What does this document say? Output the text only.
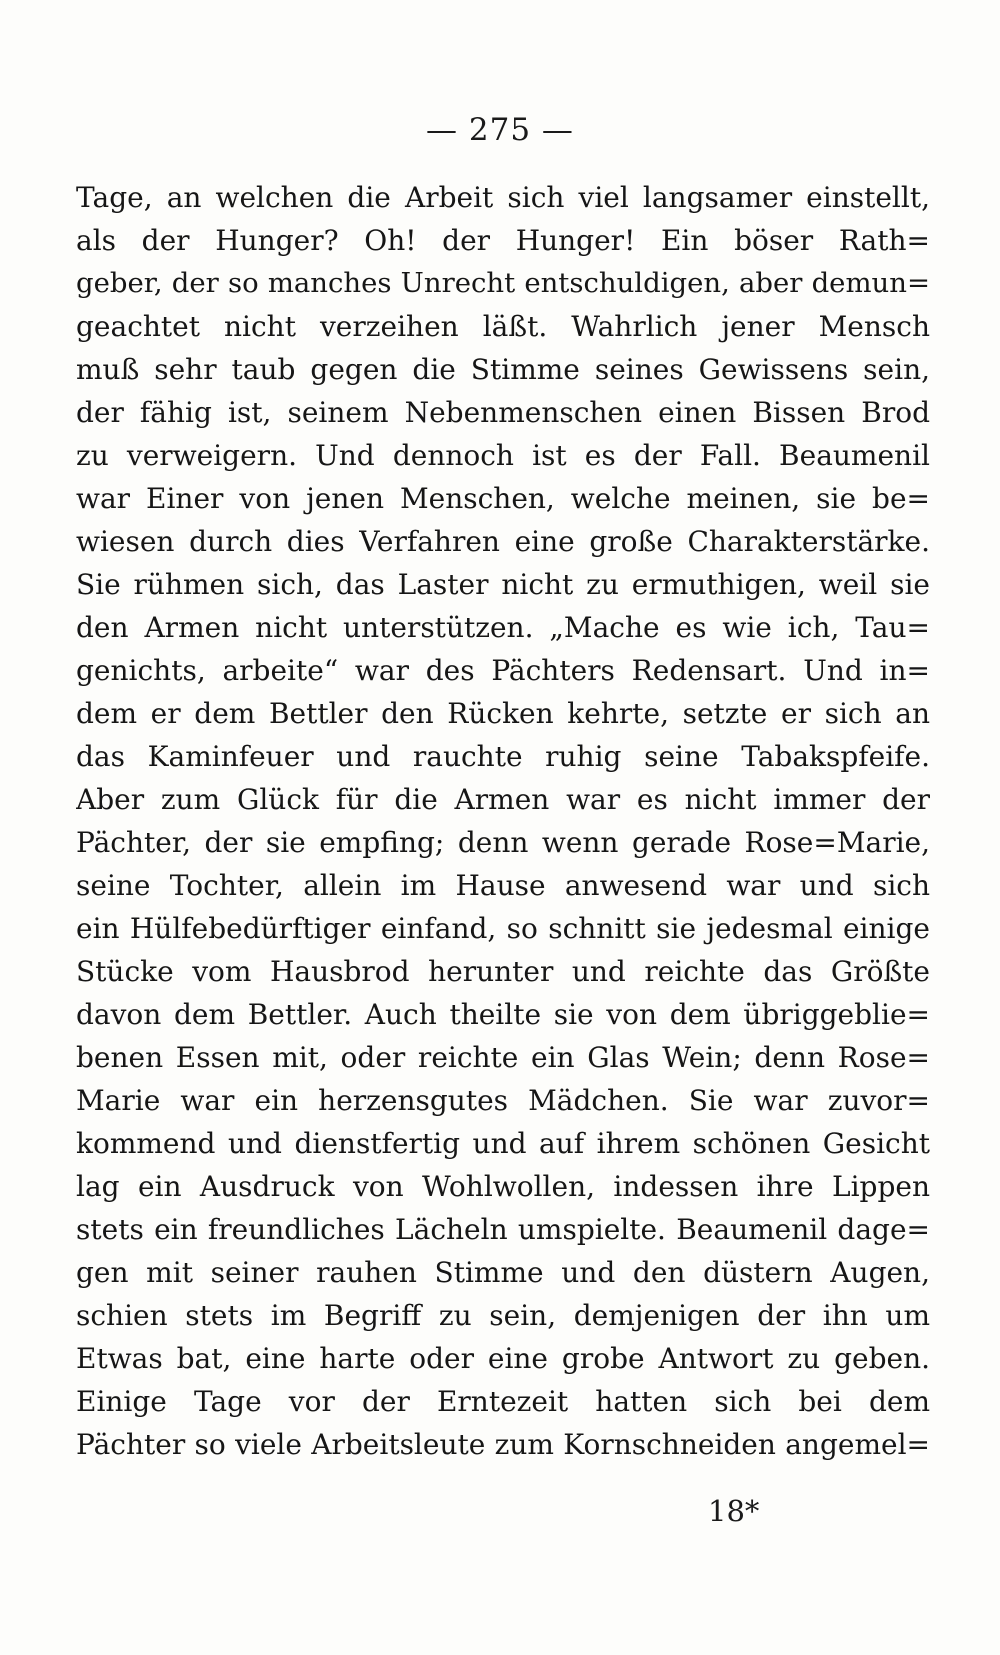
— 275 —
Tage, an welchen die Arbeit sich viel langsamer einstellt,
als der Hunger? Oh! der Hunger! Ein böser Rath=
geber, der so manches Unrecht entschuldigen, aber demun=
geachtet nicht verzeihen läßt. Wahrlich jener Mensch
muß sehr taub gegen die Stimme seines Gewissens sein,
der fähig ist, seinem Nebenmenschen einen Bissen Brod
zu verweigern. Und dennoch ist es der Fall. Beaumenil
war Einer von jenen Menschen, welche meinen, sie be=
wiesen durch dies Verfahren eine große Charakterstärke.
Sie rühmen sich, das Laster nicht zu ermuthigen, weil sie
den Armen nicht unterstützen. „Mache es wie ich, Tau=
genichts, arbeite“ war des Pächters Redensart. Und in=
dem er dem Bettler den Rücken kehrte, setzte er sich an
das Kaminfeuer und rauchte ruhig seine Tabakspfeife.
Aber zum Glück für die Armen war es nicht immer der
Pächter, der sie empfing; denn wenn gerade Rose=Marie,
seine Tochter, allein im Hause anwesend war und sich
ein Hülfebedürftiger einfand, so schnitt sie jedesmal einige
Stücke vom Hausbrod herunter und reichte das Größte
davon dem Bettler. Auch theilte sie von dem übriggeblie=
benen Essen mit, oder reichte ein Glas Wein; denn Rose=
Marie war ein herzensgutes Mädchen. Sie war zuvor=
kommend und dienstfertig und auf ihrem schönen Gesicht
lag ein Ausdruck von Wohlwollen, indessen ihre Lippen
stets ein freundliches Lächeln umspielte. Beaumenil dage=
gen mit seiner rauhen Stimme und den düstern Augen,
schien stets im Begriff zu sein, demjenigen der ihn um
Etwas bat, eine harte oder eine grobe Antwort zu geben.
Einige Tage vor der Erntezeit hatten sich bei dem
Pächter so viele Arbeitsleute zum Kornschneiden angemel=
18*
